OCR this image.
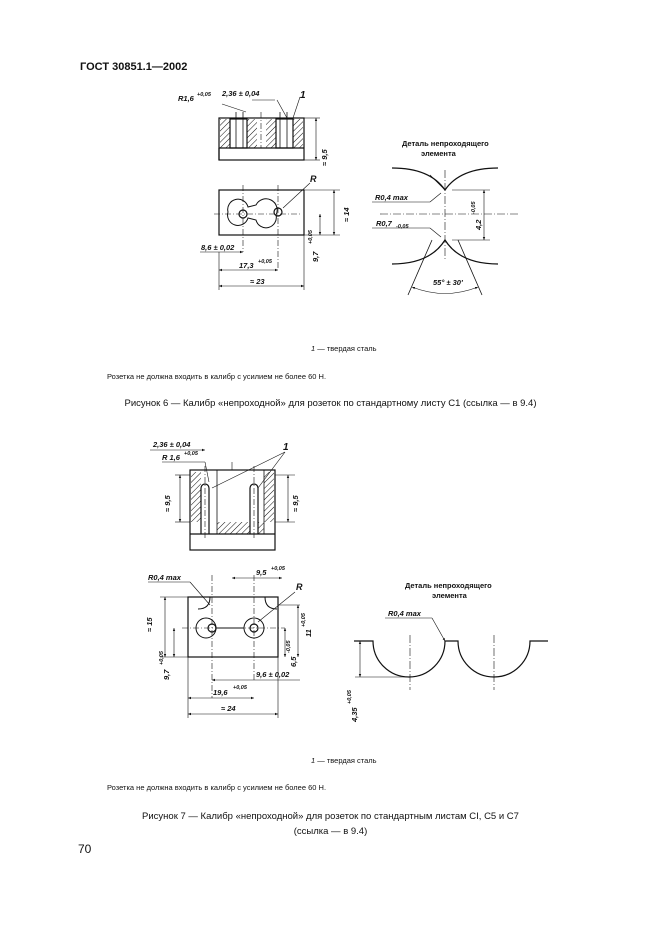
ГОСТ 30851.1—2002
R1,6 +0,05 2,36 ± 0,04	1
≈ 9,5
R
≈ 14
9,7
+0,05
8,6 ± 0,02
17,3 +0,05
≈ 23
Деталь непроходящего
элемента
R0,4 max
R0,7 -0,05	4,2
-0,05
55° ± 30'
2,36 ± 0,04
R 1,6 +0,05
1
≈ 9,5	≈ 9,5
R0,4 max
9,5 +0,05
R
≈ 15
11
+0,05
6,5
-0,05
9,7
+0,05
9,6 ± 0,02
19,6 +0,05
≈ 24
Деталь непроходящего
элемента
R0,4 max
4,35
+0,05
1 — твердая сталь
Розетка не должна входить в калибр с усилием не более 60 Н.
Рисунок 6 — Калибр «непроходной» для розеток по стандартному листу С1 (ссылка — в 9.4)
1 — твердая сталь
Розетка не должна входить в калибр с усилием не более 60 Н.
Рисунок 7 — Калибр «непроходной» для розеток по стандартным листам CI, C5 и C7
(ссылка — в 9.4)
70
